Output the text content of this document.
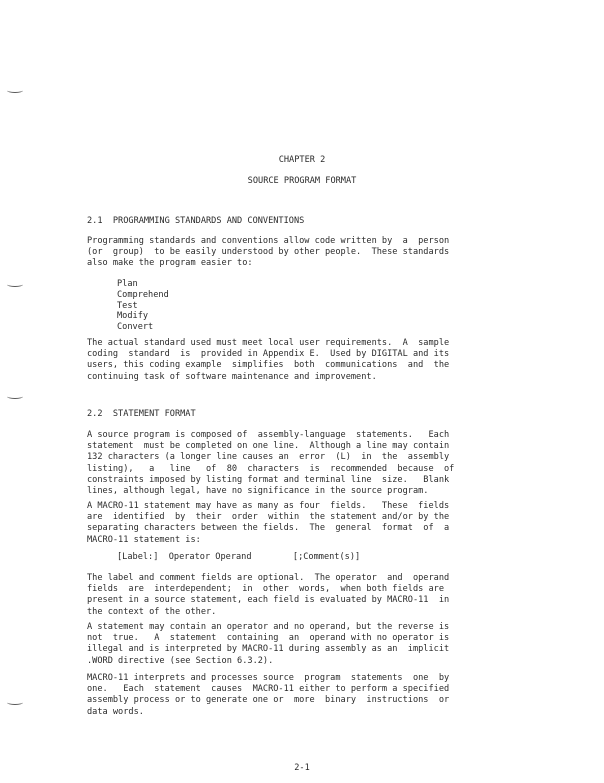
CHAPTER 2
SOURCE PROGRAM FORMAT
2.1  PROGRAMMING STANDARDS AND CONVENTIONS

Programming standards and conventions allow code written by  a  person
(or  group)  to be easily understood by other people.  These standards
also make the program easier to:

Plan
Comprehend
Test
Modify
Convert

The actual standard used must meet local user requirements.  A  sample
coding  standard  is  provided in Appendix E.  Used by DIGITAL and its
users, this coding example  simplifies  both  communications  and  the
continuing task of software maintenance and improvement.

2.2  STATEMENT FORMAT

A source program is composed of  assembly-language  statements.   Each
statement  must be completed on one line.  Although a line may contain
132 characters (a longer line causes an  error  (L)  in  the  assembly
listing),   a   line   of  80  characters  is  recommended  because  of
constraints imposed by listing format and terminal line  size.   Blank
lines, although legal, have no significance in the source program.

A MACRO-11 statement may have as many as four  fields.   These  fields
are  identified  by  their  order  within  the statement and/or by the
separating characters between the fields.  The  general  format  of  a
MACRO-11 statement is:

[Label:]  Operator Operand        [;Comment(s)]

The label and comment fields are optional.  The operator  and  operand
fields  are  interdependent;  in  other  words,  when both fields are
present in a source statement, each field is evaluated by MACRO-11  in
the context of the other.

A statement may contain an operator and no operand, but the reverse is
not  true.   A  statement  containing  an  operand with no operator is
illegal and is interpreted by MACRO-11 during assembly as an  implicit
.WORD directive (see Section 6.3.2).

MACRO-11 interprets and processes source  program  statements  one  by
one.   Each  statement  causes  MACRO-11 either to perform a specified
assembly process or to generate one or  more  binary  instructions  or
data words.

2-1
